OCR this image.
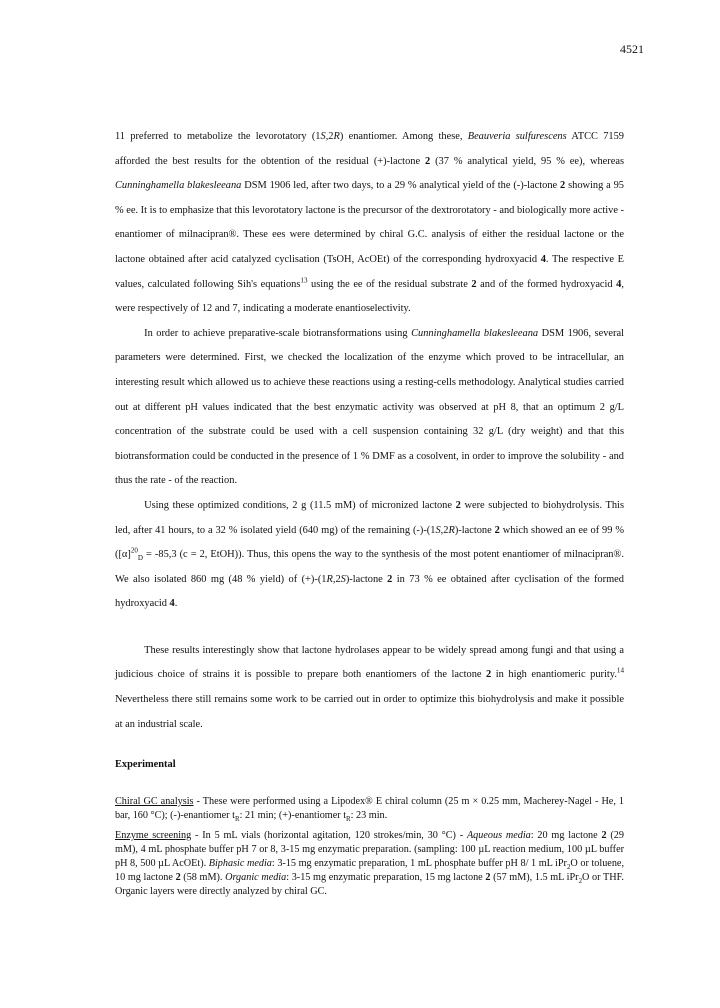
4521

11 preferred to metabolize the levorotatory (1S,2R) enantiomer. Among these, Beauveria sulfurescens ATCC 7159 afforded the best results for the obtention of the residual (+)-lactone 2 (37 % analytical yield, 95 % ee), whereas Cunninghamella blakesleeana DSM 1906 led, after two days, to a 29 % analytical yield of the (-)-lactone 2 showing a 95 % ee. It is to emphasize that this levorotatory lactone is the precursor of the dextrorotatory - and biologically more active - enantiomer of milnacipran®. These ees were determined by chiral G.C. analysis of either the residual lactone or the lactone obtained after acid catalyzed cyclisation (TsOH, AcOEt) of the corresponding hydroxyacid 4. The respective E values, calculated following Sih's equations$^{13}$ using the ee of the residual substrate 2 and of the formed hydroxyacid 4, were respectively of 12 and 7, indicating a moderate enantioselectivity.

In order to achieve preparative-scale biotransformations using Cunninghamella blakesleeana DSM 1906, several parameters were determined. First, we checked the localization of the enzyme which proved to be intracellular, an interesting result which allowed us to achieve these reactions using a resting-cells methodology. Analytical studies carried out at different pH values indicated that the best enzymatic activity was observed at pH 8, that an optimum 2 g/L concentration of the substrate could be used with a cell suspension containing 32 g/L (dry weight) and that this biotransformation could be conducted in the presence of 1 % DMF as a cosolvent, in order to improve the solubility - and thus the rate - of the reaction.

Using these optimized conditions, 2 g (11.5 mM) of micronized lactone 2 were subjected to biohydrolysis. This led, after 41 hours, to a 32 % isolated yield (640 mg) of the remaining (-)-(1S,2R)-lactone 2 which showed an ee of 99 % ($[\alpha]^{20}_D = -85,3$ (c = 2, EtOH)). Thus, this opens the way to the synthesis of the most potent enantiomer of milnacipran®. We also isolated 860 mg (48 % yield) of (+)-(1R,2S)-lactone 2 in 73 % ee obtained after cyclisation of the formed hydroxyacid 4.

These results interestingly show that lactone hydrolases appear to be widely spread among fungi and that using a judicious choice of strains it is possible to prepare both enantiomers of the lactone 2 in high enantiomeric purity.$^{14}$ Nevertheless there still remains some work to be carried out in order to optimize this biohydrolysis and make it possible at an industrial scale.

Experimental

Chiral GC analysis - These were performed using a Lipodex® E chiral column (25 m × 0.25 mm, Macherey-Nagel - He, 1 bar, 160 °C); (-)-enantiomer $t_R$: 21 min; (+)-enantiomer $t_R$: 23 min.

Enzyme screening - In 5 mL vials (horizontal agitation, 120 strokes/min, 30 °C) - Aqueous media: 20 mg lactone 2 (29 mM), 4 mL phosphate buffer pH 7 or 8, 3-15 mg enzymatic preparation. (sampling: 100 µL reaction medium, 100 µL buffer pH 8, 500 µL AcOEt). Biphasic media: 3-15 mg enzymatic preparation, 1 mL phosphate buffer pH 8/ 1 mL iPr$_2$O or toluene, 10 mg lactone 2 (58 mM). Organic media: 3-15 mg enzymatic preparation, 15 mg lactone 2 (57 mM), 1.5 mL iPr$_2$O or THF. Organic layers were directly analyzed by chiral GC.
